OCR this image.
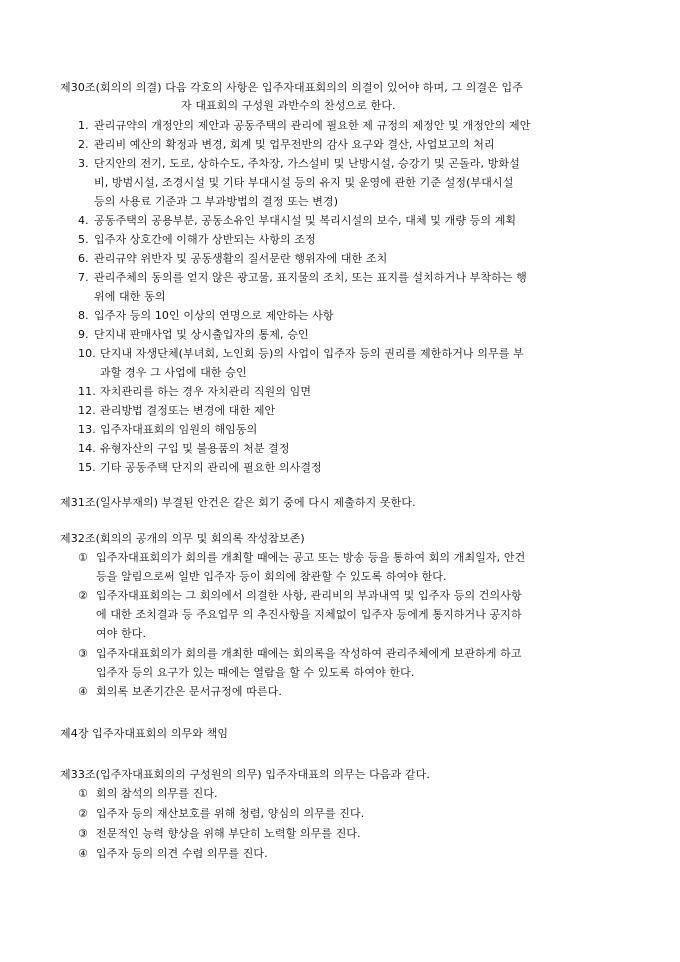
제30조(회의의 의결) 다음 각호의 사항은 입주자대표회의의 의결이 있어야 하며, 그 의결은 입주
자 대표회의 구성원 과반수의 찬성으로 한다.
1. 관리규약의 개정안의 제안과 공동주택의 관리에 필요한 제 규정의 제정안 및 개정안의 제안
2. 관리비 예산의 확정과 변경, 회계 및 업무전반의 감사 요구와 결산, 사업보고의 처리
3. 단지안의 전기, 도로, 상하수도, 주차장, 가스설비 및 난방시설, 승강기 및 곤돌라, 방화설
비, 방범시설, 조경시설 및 기타 부대시설 등의 유지 및 운영에 관한 기준 설정(부대시설
등의 사용료 기준과 그 부과방법의 결정 또는 변경)
4. 공동주택의 공용부분, 공동소유인 부대시설 및 복리시설의 보수, 대체 및 개량 등의 계획
5. 입주자 상호간에 이해가 상반되는 사항의 조정
6. 관리규약 위반자 및 공동생활의 질서문란 행위자에 대한 조치
7. 관리주체의 동의를 얻지 않은 광고물, 표지물의 조치, 또는 표지를 설치하거나 부착하는 행
위에 대한 동의
8. 입주자 등의 10인 이상의 연명으로 제안하는 사항
9. 단지내 판매사업 및 상시출입자의 통제, 승인
10. 단지내 자생단체(부녀회, 노인회 등)의 사업이 입주자 등의 권리를 제한하거나 의무를 부
과할 경우 그 사업에 대한 승인
11. 자치관리를 하는 경우 자치관리 직원의 임면
12. 관리방법 결정또는 변경에 대한 제안
13. 입주자대표회의 임원의 해임동의
14. 유형자산의 구입 및 불용품의 처분 결정
15. 기타 공동주택 단지의 관리에 필요한 의사결정
제31조(일사부재의) 부결된 안건은 같은 회기 중에 다시 제출하지 못한다.
제32조(회의의 공개의 의무 및 회의록 작성참보존)
① 입주자대표회의가 회의를 개최할 때에는 공고 또는 방송 등을 통하여 회의 개최일자, 안건
등을 알림으로써 일반 입주자 등이 회의에 참관할 수 있도록 하여야 한다.
② 입주자대표회의는 그 회의에서 의결한 사항, 관리비의 부과내역 및 입주자 등의 건의사항
에 대한 조치결과 등 주요업무 의 추진사항을 지체없이 입주자 등에게 통지하거나 공지하
여야 한다.
③ 입주자대표회의가 회의를 개최한 때에는 회의록을 작성하여 관리주체에게 보관하게 하고
입주자 등의 요구가 있는 때에는 열람을 할 수 있도록 하여야 한다.
④ 회의록 보존기간은 문서규정에 따른다.
제4장 입주자대표회의 의무와 책임
제33조(입주자대표회의의 구성원의 의무) 입주자대표의 의무는 다음과 같다.
① 회의 참석의 의무를 진다.
② 입주자 등의 재산보호를 위해 청렴, 양심의 의무를 진다.
③ 전문적인 능력 향상을 위해 부단히 노력할 의무를 진다.
④ 입주자 등의 의견 수렴 의무를 진다.
